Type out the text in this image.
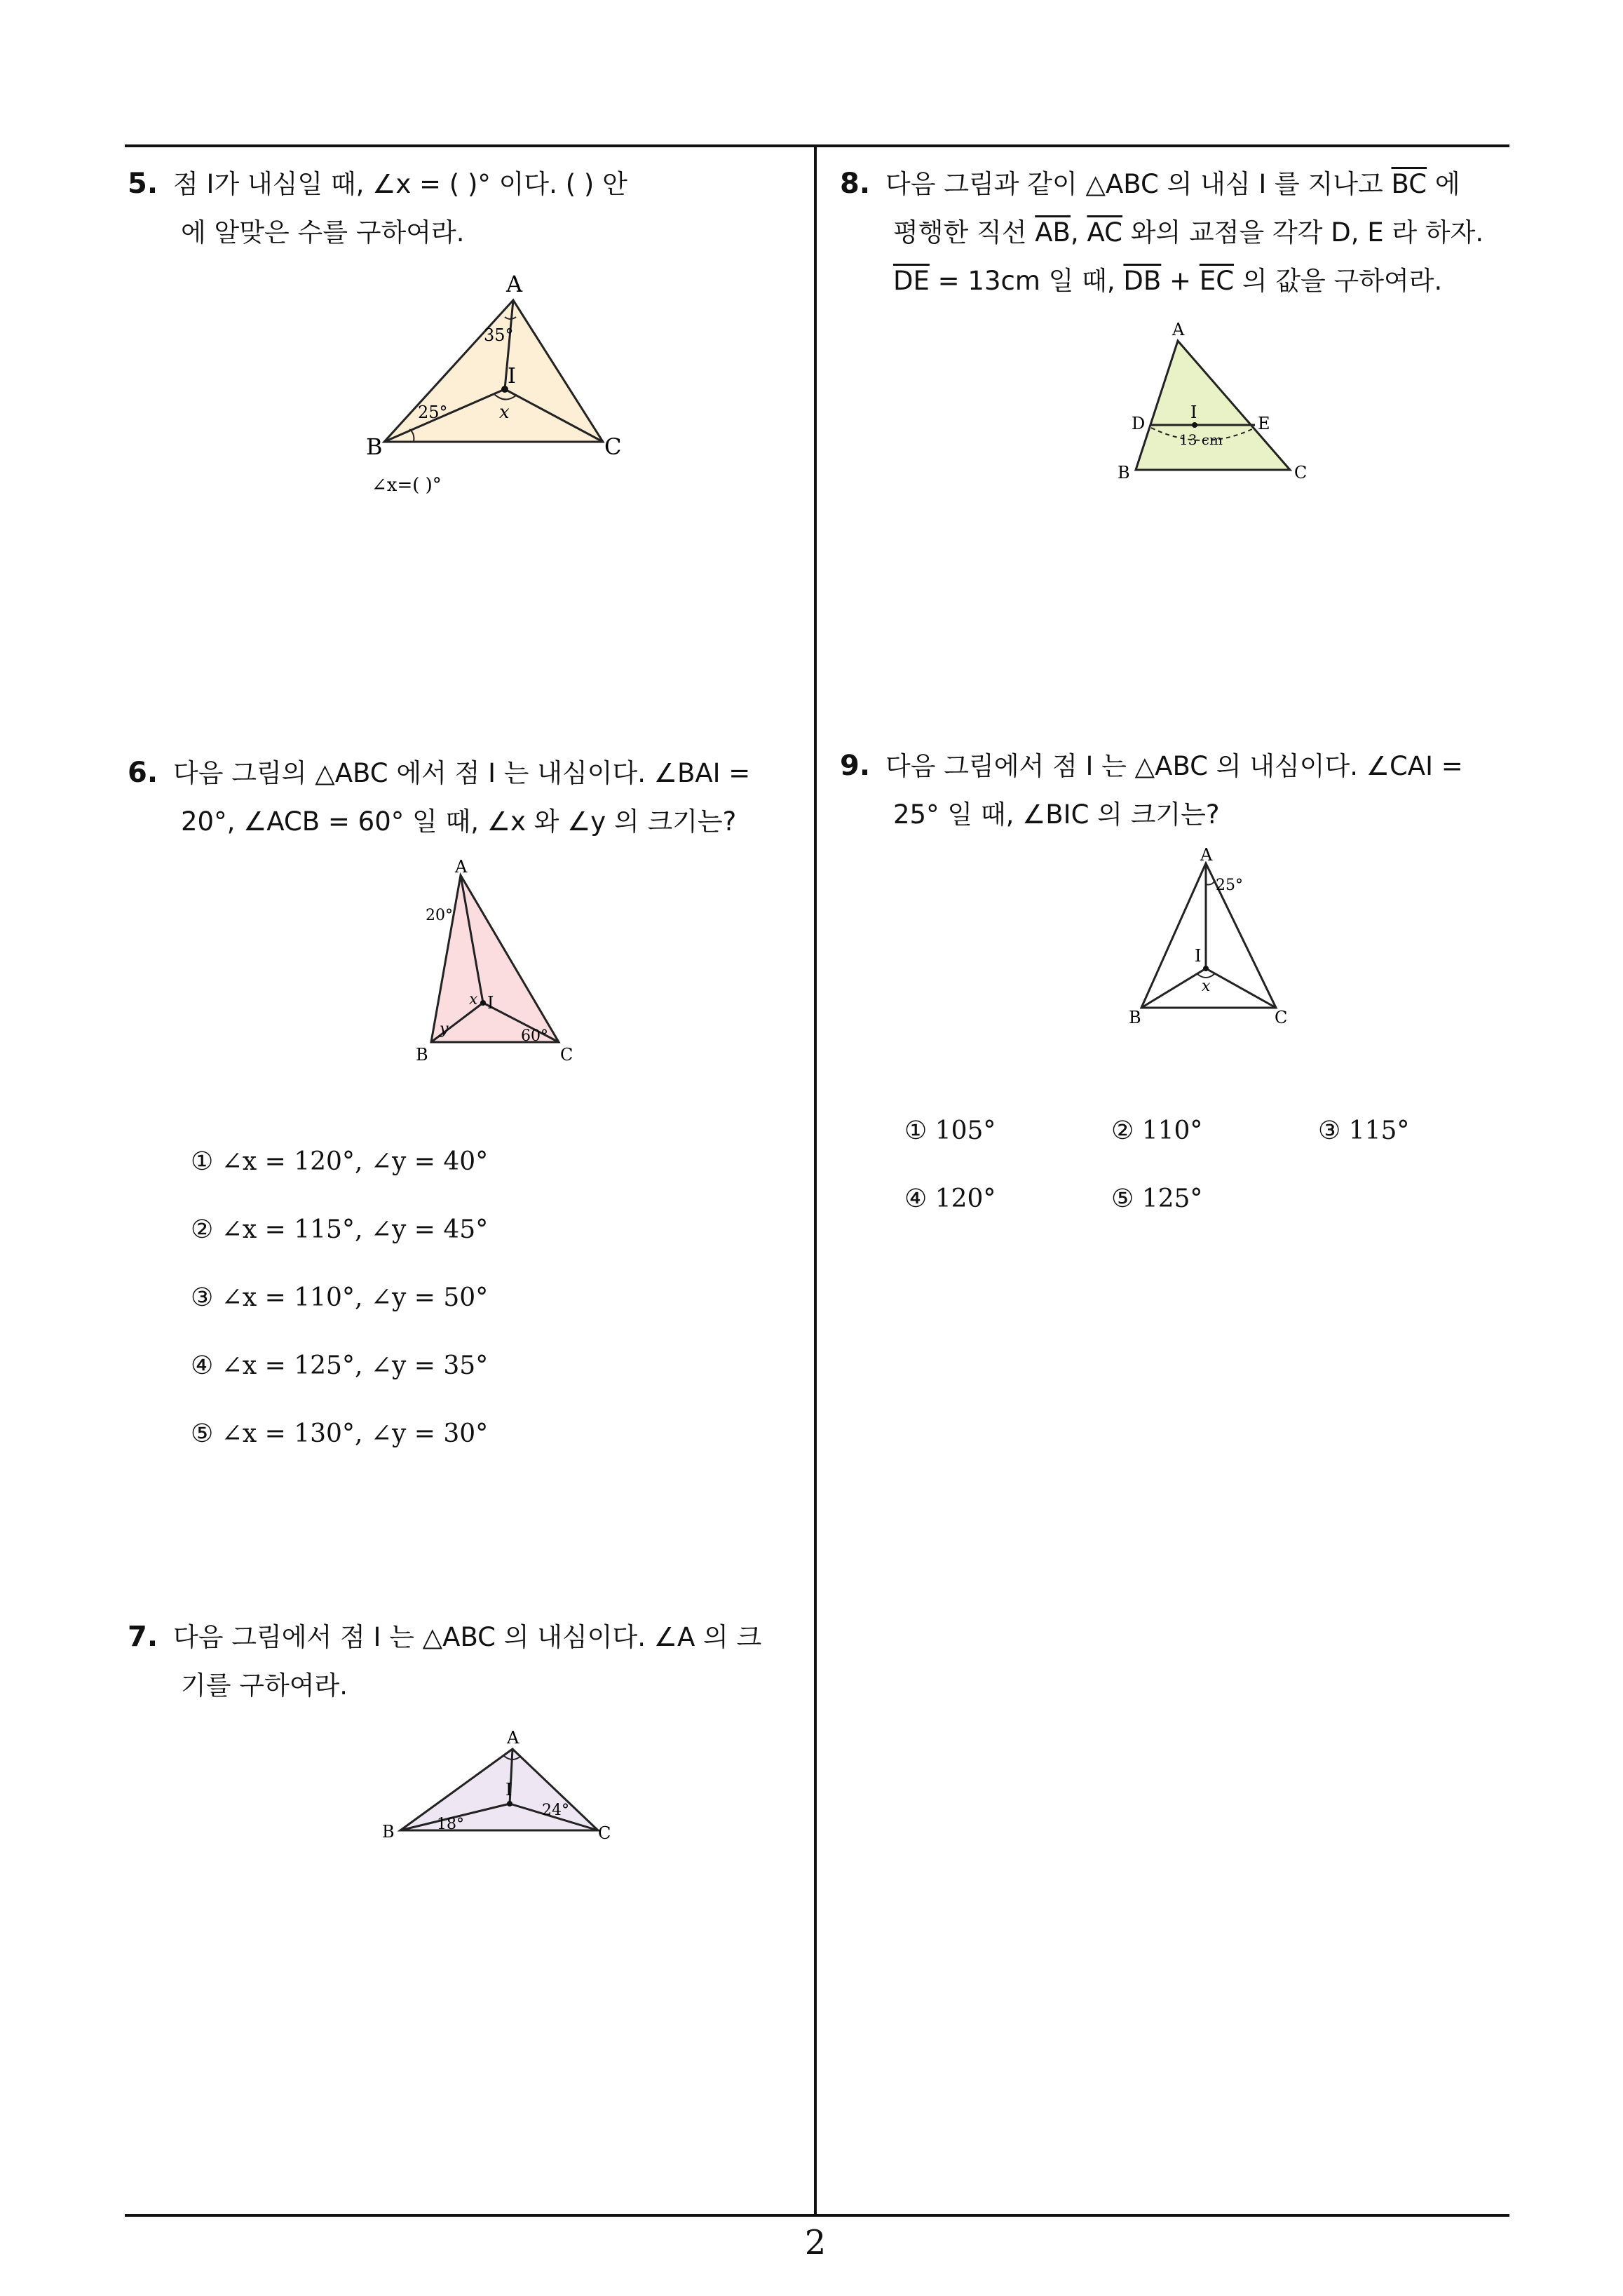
5. 점 I가 내심일 때, ∠x = ( )° 이다. ( ) 안
에 알맞은 수를 구하여라.
A
B	C
I
35°
25°	x
∠x=( )°
6. 다음 그림의 △ABC 에서 점 I 는 내심이다. ∠BAI =
20°, ∠ACB = 60° 일 때, ∠x 와 ∠y 의 크기는?
A
B	C
I
20°
60°
x
y
① ∠x = 120°, ∠y = 40°
② ∠x = 115°, ∠y = 45°
③ ∠x = 110°, ∠y = 50°
④ ∠x = 125°, ∠y = 35°
⑤ ∠x = 130°, ∠y = 30°
7. 다음 그림에서 점 I 는 △ABC 의 내심이다. ∠A 의 크
기를 구하여라.
A
B	C
I
18°
24°
8. 다음 그림과 같이 △ABC 의 내심 I 를 지나고 $\overline{BC}$ 에
평행한 직선 $\overline{AB}$, $\overline{AC}$ 와의 교점을 각각 D, E 라 하자.
$\overline{DE} = 13cm$ 일 때, $\overline{DB} + \overline{EC}$ 의 값을 구하여라.
A
B	C
D	E
I
13 cm
9. 다음 그림에서 점 I 는 △ABC 의 내심이다. ∠CAI =
25° 일 때, ∠BIC 의 크기는?
A
B	C
I
25°
x
① 105°	② 110°	③ 115°
④ 120°	⑤ 125°
2
